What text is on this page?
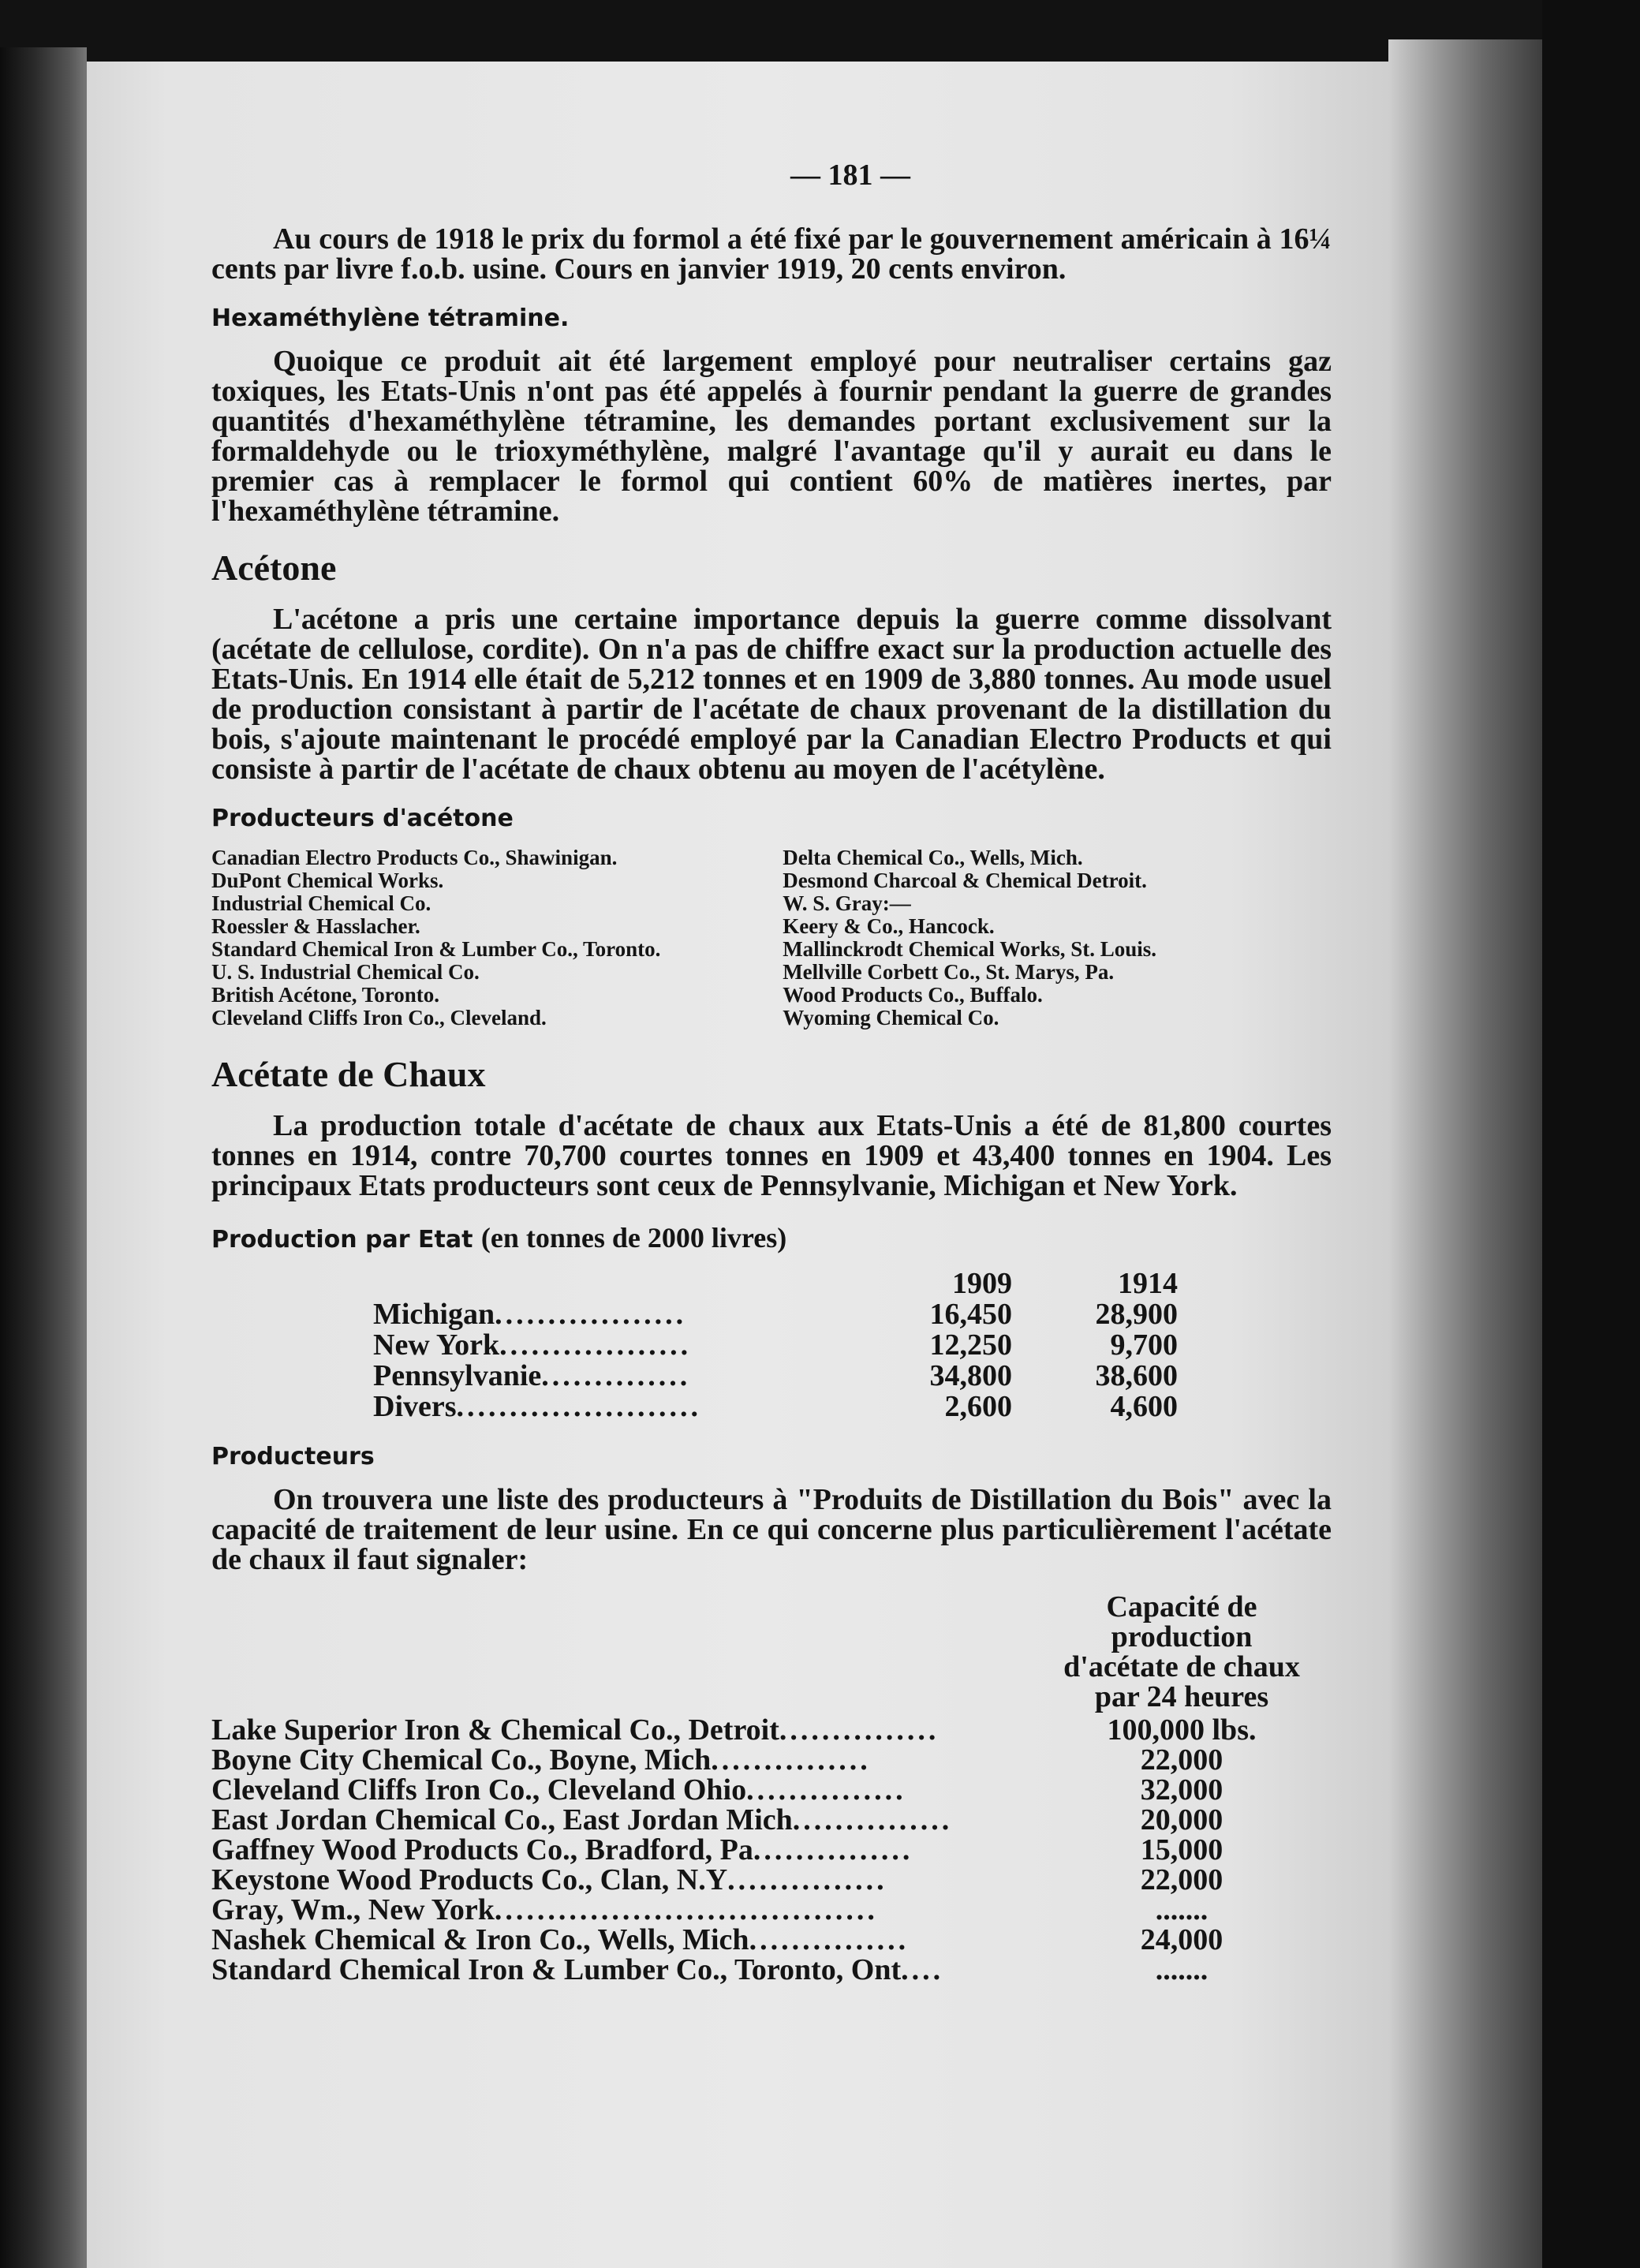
— 181 —

Au cours de 1918 le prix du formol a été fixé par le gouvernement américain à 16¼ cents par livre f.o.b. usine. Cours en janvier 1919, 20 cents environ.

Hexaméthylène tétramine.

Quoique ce produit ait été largement employé pour neutraliser certains gaz toxiques, les Etats-Unis n'ont pas été appelés à fournir pendant la guerre de grandes quantités d'hexaméthylène tétramine, les demandes portant exclusivement sur la formaldehyde ou le trioxyméthylène, malgré l'avantage qu'il y aurait eu dans le premier cas à remplacer le formol qui contient 60% de matières inertes, par l'hexaméthylène tétramine.

Acétone

L'acétone a pris une certaine importance depuis la guerre comme dissolvant (acétate de cellulose, cordite). On n'a pas de chiffre exact sur la production actuelle des Etats-Unis. En 1914 elle était de 5,212 tonnes et en 1909 de 3,880 tonnes. Au mode usuel de production consistant à partir de l'acétate de chaux provenant de la distillation du bois, s'ajoute maintenant le procédé employé par la Canadian Electro Products et qui consiste à partir de l'acétate de chaux obtenu au moyen de l'acétylène.

Producteurs d'acétone
Canadian Electro Products Co., Shawinigan.
DuPont Chemical Works.
Industrial Chemical Co.
Roessler & Hasslacher.
Standard Chemical Iron & Lumber Co., Toronto.
U. S. Industrial Chemical Co.
British Acétone, Toronto.
Cleveland Cliffs Iron Co., Cleveland.
Delta Chemical Co., Wells, Mich.
Desmond Charcoal & Chemical Detroit.
W. S. Gray:—
Keery & Co., Hancock.
Mallinckrodt Chemical Works, St. Louis.
Mellville Corbett Co., St. Marys, Pa.
Wood Products Co., Buffalo.
Wyoming Chemical Co.
Acétate de Chaux

La production totale d'acétate de chaux aux Etats-Unis a été de 81,800 courtes tonnes en 1914, contre 70,700 courtes tonnes en 1909 et 43,400 tonnes en 1904. Les principaux Etats producteurs sont ceux de Pennsylvanie, Michigan et New York.

Production par Etat (en tonnes de 2000 livres)
	1909	1914
Michigan..................	16,450	28,900
New York..................	12,250	9,700
Pennsylvanie..............	34,800	38,600
Divers.......................	2,600	4,600
Producteurs

On trouvera une liste des producteurs à "Produits de Distillation du Bois" avec la capacité de traitement de leur usine. En ce qui concerne plus particulièrement l'acétate de chaux il faut signaler:

Capacité de production d'acétate de chaux par 24 heures
Lake Superior Iron & Chemical Co., Detroit...............	100,000 lbs.
Boyne City Chemical Co., Boyne, Mich...............	22,000
Cleveland Cliffs Iron Co., Cleveland Ohio...............	32,000
East Jordan Chemical Co., East Jordan Mich...............	20,000
Gaffney Wood Products Co., Bradford, Pa...............	15,000
Keystone Wood Products Co., Clan, N.Y...............	22,000
Gray, Wm., New York....................................	.......
Nashek Chemical & Iron Co., Wells, Mich...............	24,000
Standard Chemical Iron & Lumber Co., Toronto, Ont....	.......
